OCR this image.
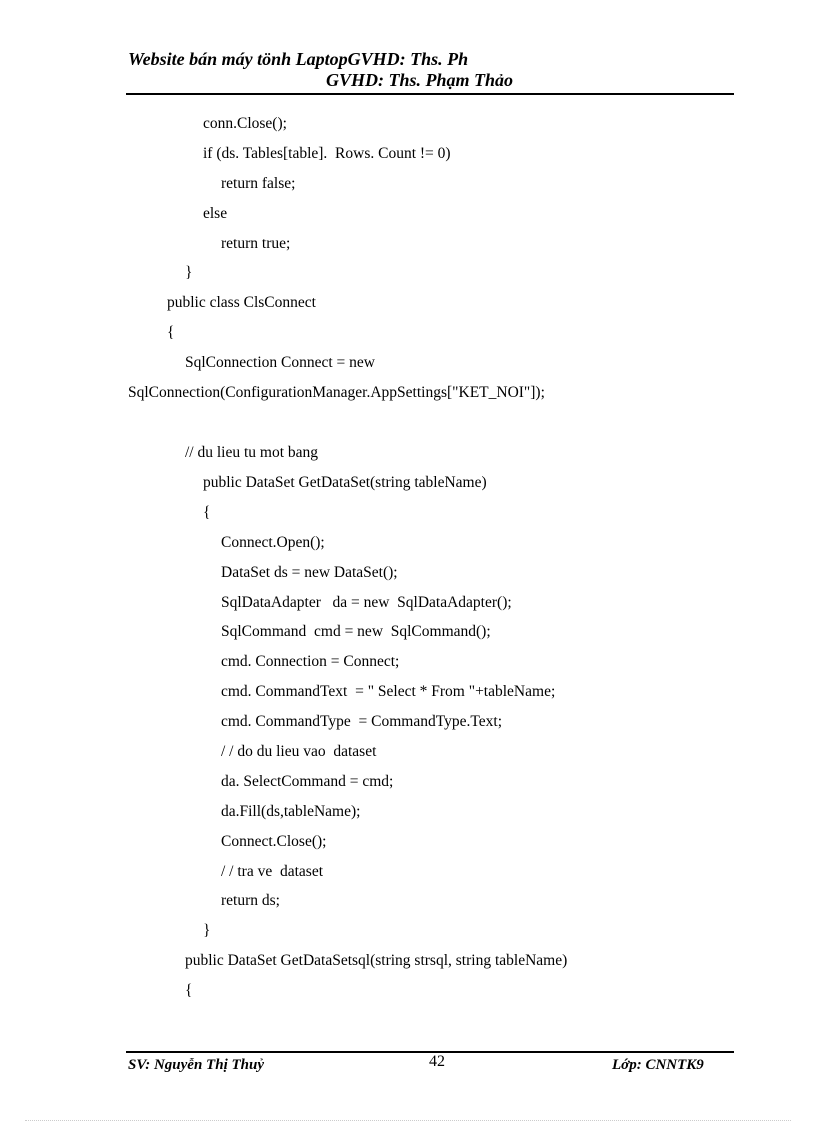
Website bán máy tönh LaptopGVHD: Ths. Ph
GVHD: Ths. Phạm Thảo
conn.Close();
if (ds. Tables[table].  Rows. Count != 0)
return false;
else
return true;
}
public class ClsConnect
{
SqlConnection Connect = new
SqlConnection(ConfigurationManager.AppSettings["KET_NOI"]);
// du lieu tu mot bang
public DataSet GetDataSet(string tableName)
{
Connect.Open();
DataSet ds = new DataSet();
SqlDataAdapter   da = new  SqlDataAdapter();
SqlCommand  cmd = new  SqlCommand();
cmd. Connection = Connect;
cmd. CommandText  = " Select * From "+tableName;
cmd. CommandType  = CommandType.Text;
/ / do du lieu vao  dataset
da. SelectCommand = cmd;
da.Fill(ds,tableName);
Connect.Close();
/ / tra ve  dataset
return ds;
}
public DataSet GetDataSetsql(string strsql, string tableName)
{
SV: Nguyễn Thị Thuỷ	42	Lớp: CNNTK9
